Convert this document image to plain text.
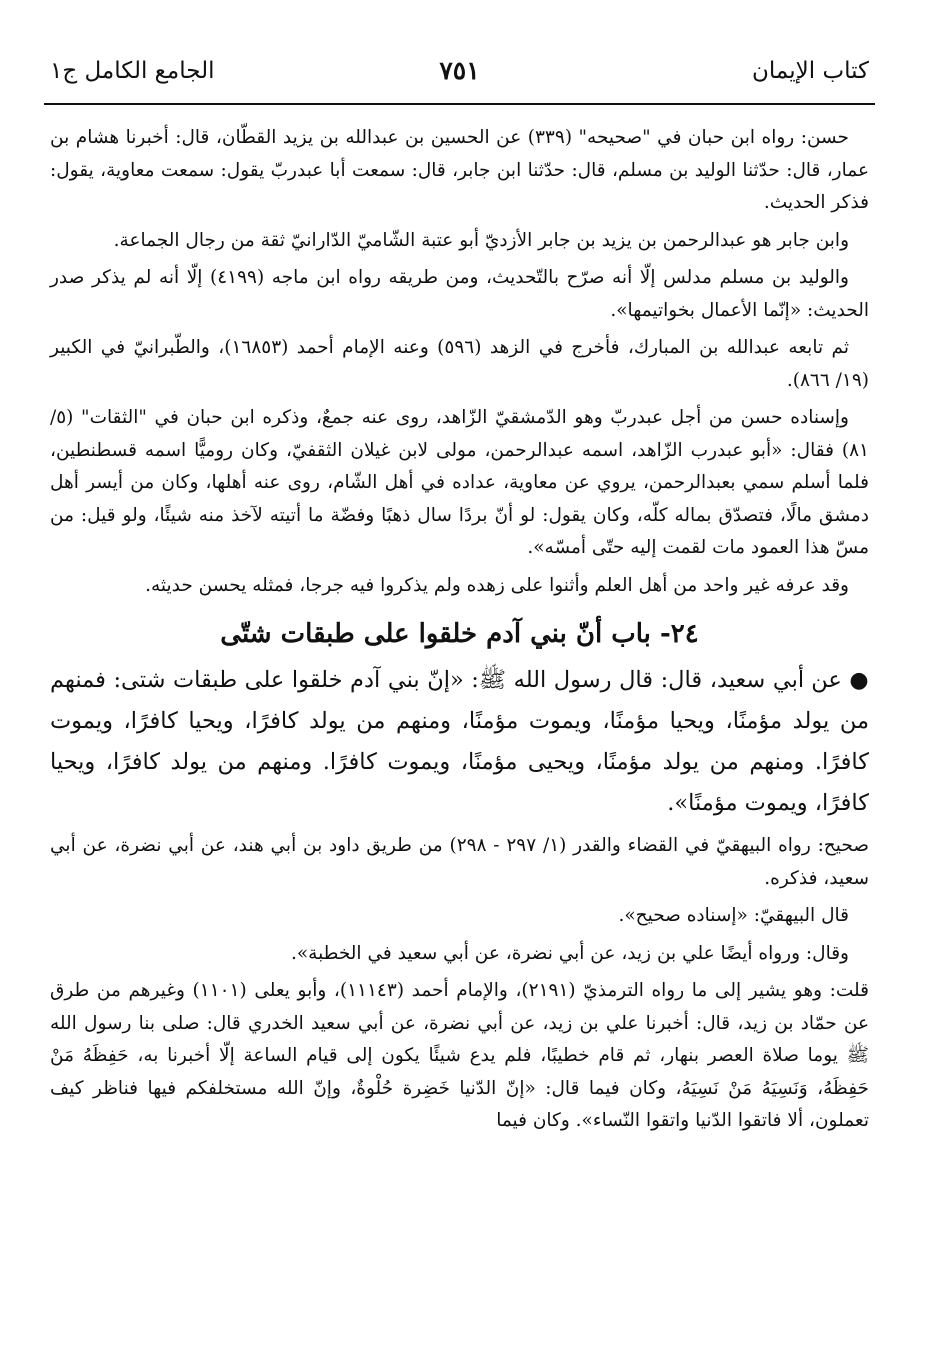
كتاب الإيمان
٧٥١
الجامع الكامل ج١

حسن: رواه ابن حبان في "صحيحه" (٣٣٩) عن الحسين بن عبدالله بن يزيد القطّان، قال: أخبرنا هشام بن عمار، قال: حدّثنا الوليد بن مسلم، قال: حدّثنا ابن جابر، قال: سمعت أبا عبدربّ يقول: سمعت معاوية، يقول: فذكر الحديث.

وابن جابر هو عبدالرحمن بن يزيد بن جابر الأزديّ أبو عتبة الشّاميّ الدّارانيّ ثقة من رجال الجماعة.

والوليد بن مسلم مدلس إلّا أنه صرّح بالتّحديث، ومن طريقه رواه ابن ماجه (٤١٩٩) إلّا أنه لم يذكر صدر الحديث: «إنّما الأعمال بخواتيمها».

ثم تابعه عبدالله بن المبارك، فأخرج في الزهد (٥٩٦) وعنه الإمام أحمد (١٦٨٥٣)، والطّبرانيّ في الكبير (١٩/ ٨٦٦).

وإسناده حسن من أجل عبدربّ وهو الدّمشقيّ الزّاهد، روى عنه جمعٌ، وذكره ابن حبان في "الثقات" (٥/ ٨١) فقال: «أبو عبدرب الزّاهد، اسمه عبدالرحمن، مولى لابن غيلان الثقفيّ، وكان روميًّا اسمه قسطنطين، فلما أسلم سمي بعبدالرحمن، يروي عن معاوية، عداده في أهل الشّام، روى عنه أهلها، وكان من أيسر أهل دمشق مالًا، فتصدّق بماله كلّه، وكان يقول: لو أنّ بردًا سال ذهبًا وفضّة ما أتيته لآخذ منه شيئًا، ولو قيل: من مسّ هذا العمود مات لقمت إليه حتّى أمسّه».

وقد عرفه غير واحد من أهل العلم وأثنوا على زهده ولم يذكروا فيه جرجا، فمثله يحسن حديثه.

٢٤- باب أنّ بني آدم خلقوا على طبقات شتّى

● عن أبي سعيد، قال: قال رسول الله ﷺ: «إنّ بني آدم خلقوا على طبقات شتى: فمنهم من يولد مؤمنًا، ويحيا مؤمنًا، ويموت مؤمنًا، ومنهم من يولد كافرًا، ويحيا كافرًا، ويموت كافرًا. ومنهم من يولد مؤمنًا، ويحيى مؤمنًا، ويموت كافرًا. ومنهم من يولد كافرًا، ويحيا كافرًا، ويموت مؤمنًا».

صحيح: رواه البيهقيّ في القضاء والقدر (١/ ٢٩٧ - ٢٩٨) من طريق داود بن أبي هند، عن أبي نضرة، عن أبي سعيد، فذكره.

قال البيهقيّ: «إسناده صحيح».

وقال: ورواه أيضًا علي بن زيد، عن أبي نضرة، عن أبي سعيد في الخطبة».

قلت: وهو يشير إلى ما رواه الترمذيّ (٢١٩١)، والإمام أحمد (١١١٤٣)، وأبو يعلى (١١٠١) وغيرهم من طرق عن حمّاد بن زيد، قال: أخبرنا علي بن زيد، عن أبي نضرة، عن أبي سعيد الخدري قال: صلى بنا رسول الله ﷺ يوما صلاة العصر بنهار، ثم قام خطيبًا، فلم يدع شيئًا يكون إلى قيام الساعة إلّا أخبرنا به، حَفِظَهُ مَنْ حَفِظَهُ، وَنَسِيَهُ مَنْ نَسِيَهُ، وكان فيما قال: «إنّ الدّنيا خَضِرة حُلْوةٌ، وإنّ الله مستخلفكم فيها فناظر كيف تعملون، ألا فاتقوا الدّنيا واتقوا النّساء». وكان فيما
